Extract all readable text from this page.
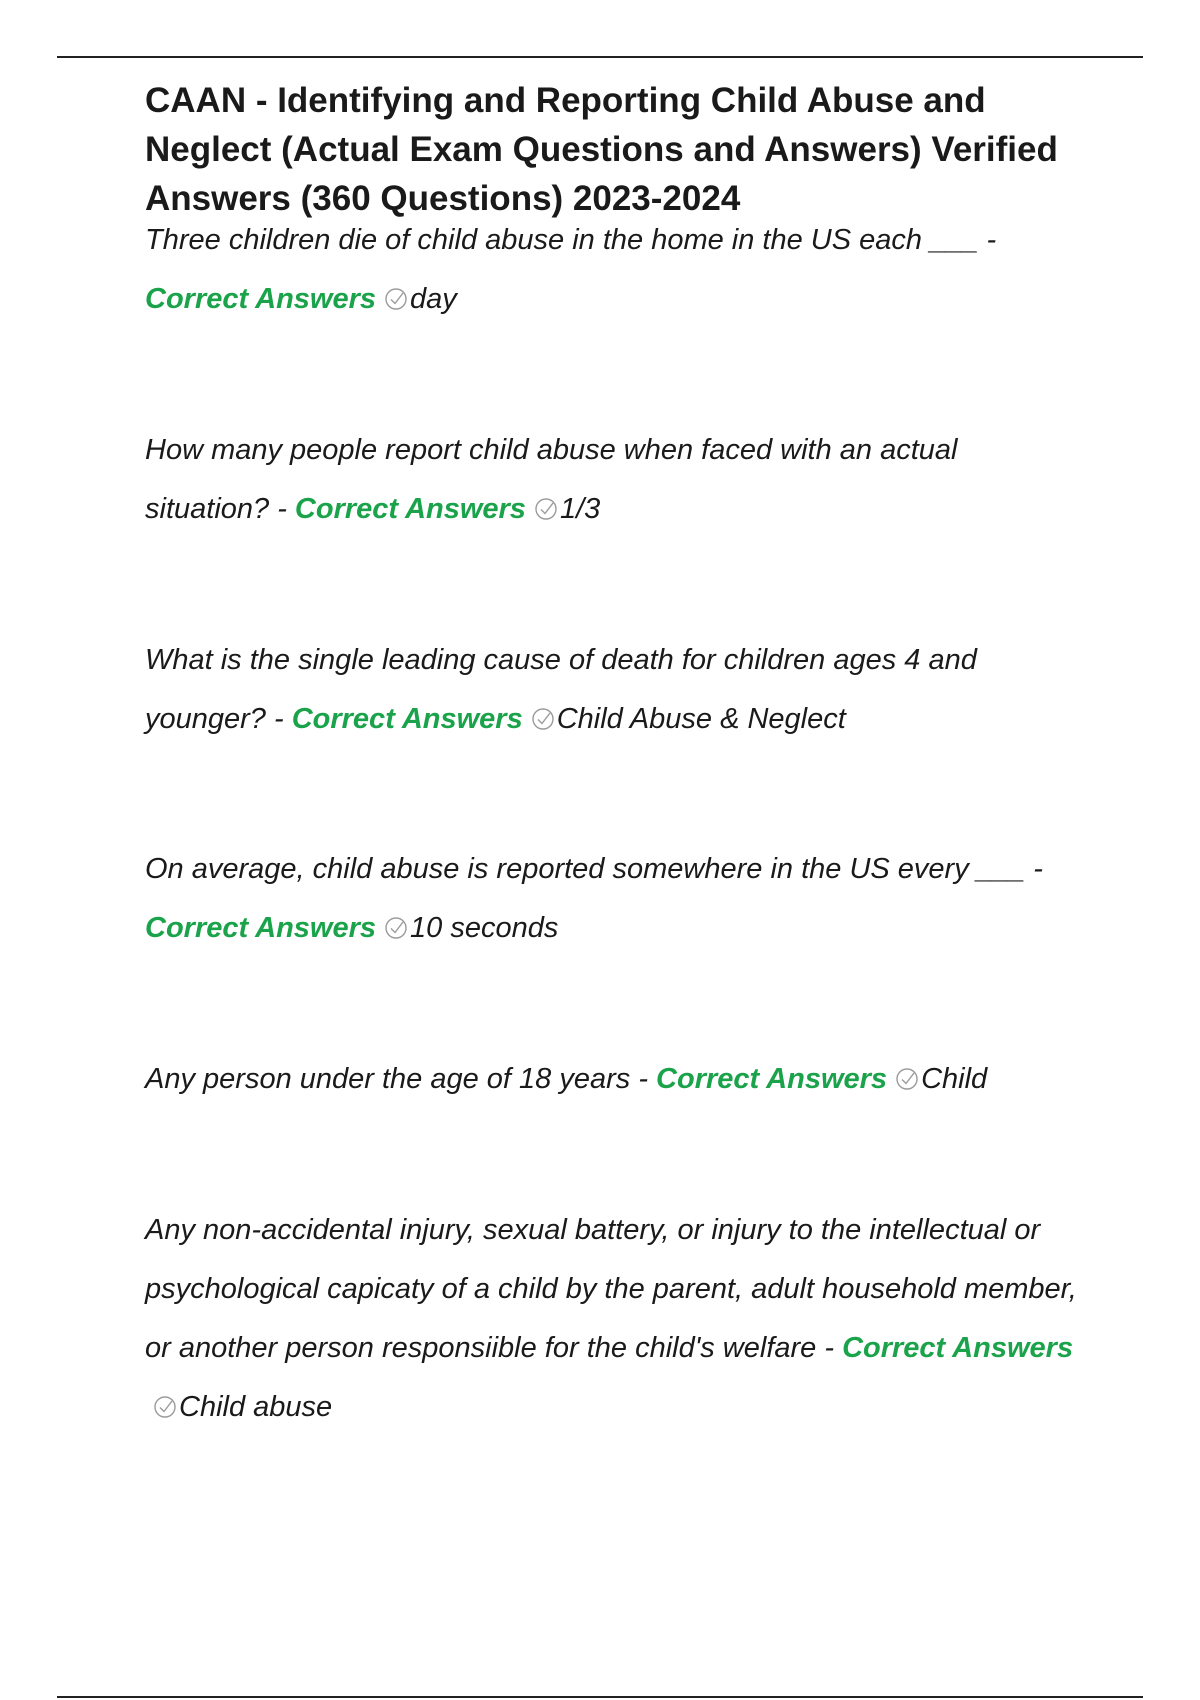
CAAN - Identifying and Reporting Child Abuse and Neglect (Actual Exam Questions and Answers) Verified Answers (360 Questions) 2023-2024

Three children die of child abuse in the home in the US each ___ - Correct Answers day

How many people report child abuse when faced with an actual situation? - Correct Answers 1/3

What is the single leading cause of death for children ages 4 and younger? - Correct Answers Child Abuse & Neglect

On average, child abuse is reported somewhere in the US every ___ - Correct Answers 10 seconds

Any person under the age of 18 years - Correct Answers Child

Any non-accidental injury, sexual battery, or injury to the intellectual or psychological capicaty of a child by the parent, adult household member, or another person responsiible for the child's welfare - Correct Answers
Child abuse
